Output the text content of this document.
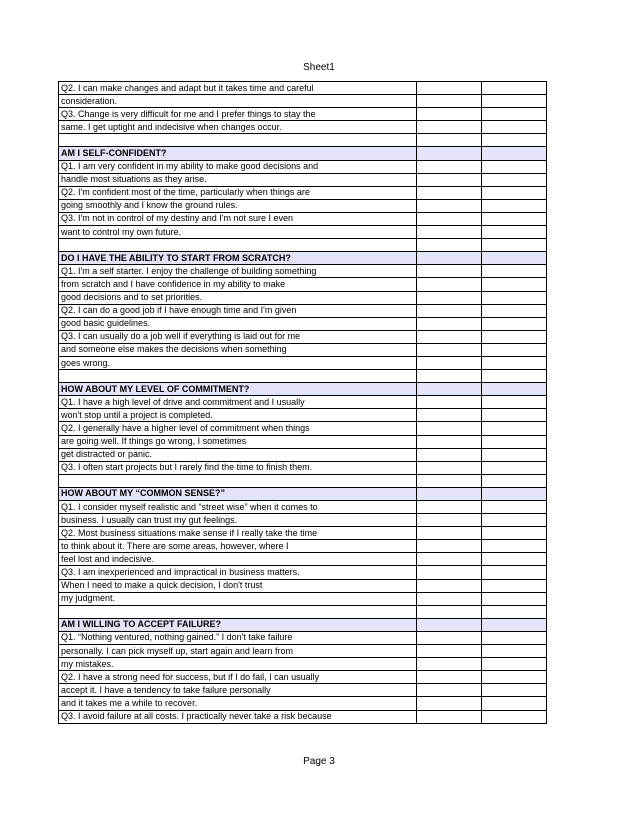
Sheet1
Q2. I can make changes and adapt but it takes time and careful		
consideration.		
Q3. Change is very difficult for me and I prefer things to stay the		
same. I get uptight and indecisive when changes occur.		

AM I SELF-CONFIDENT?		
Q1. I am very confident in my ability to make good decisions and		
handle most situations as they arise.		
Q2. I'm confident most of the time, particularly when things are		
going smoothly and I know the ground rules.		
Q3. I'm not in control of my destiny and I'm not sure I even		
want to control my own future.		

DO I HAVE THE ABILITY TO START FROM SCRATCH?		
Q1. I'm a self starter. I enjoy the challenge of building something		
from scratch and I have confidence in my ability to make		
good decisions and to set priorities.		
Q2. I can do a good job if I have enough time and I'm given		
good basic guidelines.		
Q3. I can usually do a job well if everything is laid out for me		
and someone else makes the decisions when something		
goes wrong.		

HOW ABOUT MY LEVEL OF COMMITMENT?		
Q1. I have a high level of drive and commitment and I usually		
won't stop until a project is completed.		
Q2. I generally have a higher level of commitment when things		
are going well. If things go wrong, I sometimes		
get distracted or panic.		
Q3. I often start projects but I rarely find the time to finish them.		

HOW ABOUT MY “COMMON SENSE?”		
Q1. I consider myself realistic and “street wise” when it comes to		
business. I usually can trust my gut feelings.		
Q2. Most business situations make sense if I really take the time		
to think about it. There are some areas, however, where I		
feel lost and indecisive.		
Q3. I am inexperienced and impractical in business matters.		
When I need to make a quick decision, I don't trust		
my judgment.		

AM I WILLING TO ACCEPT FAILURE?		
Q1. “Nothing ventured, nothing gained.” I don't take failure		
personally. I can pick myself up, start again and learn from		
my mistakes.		
Q2. I have a strong need for success, but if I do fail, I can usually		
accept it. I have a tendency to take failure personally		
and it takes me a while to recover.		
Q3. I avoid failure at all costs. I practically never take a risk because		
Page 3
